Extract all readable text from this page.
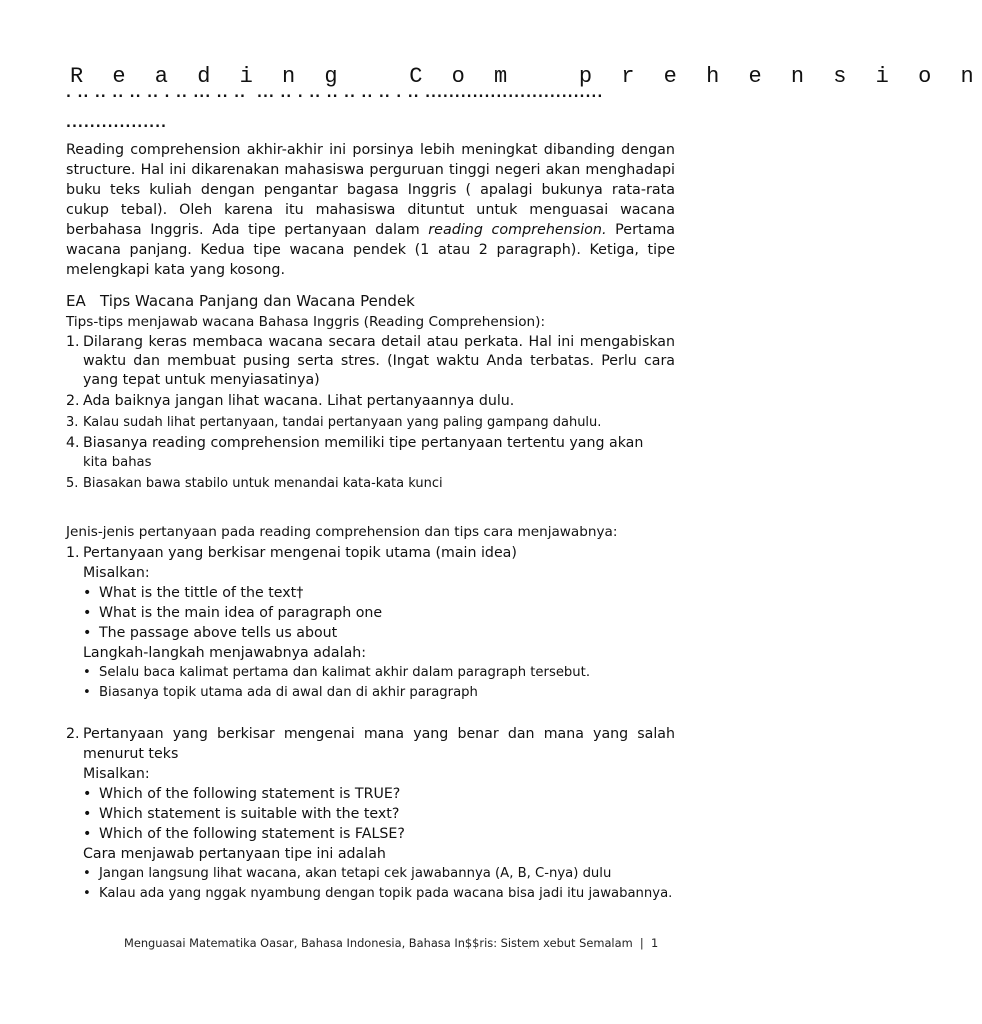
R e a d i n g   C o m   p r e h e n s i o n
. .. .. .. .. .. . .. ... .. ..  ... .. . .. .. .. .. .. . .. ..............................
.................

Reading comprehension akhir-akhir ini porsinya lebih meningkat dibanding dengan structure. Hal ini dikarenakan mahasiswa perguruan tinggi negeri akan menghadapi buku teks kuliah dengan pengantar bagasa Inggris ( apalagi bukunya rata-rata cukup tebal). Oleh karena itu mahasiswa dituntut untuk menguasai wacana berbahasa Inggris. Ada tipe pertanyaan dalam reading comprehension. Pertama wacana panjang. Kedua tipe wacana pendek (1 atau 2 paragraph). Ketiga, tipe melengkapi kata yang kosong.

EA   Tips Wacana Panjang dan Wacana Pendek
Tips-tips menjawab wacana Bahasa Inggris (Reading Comprehension):
1. Dilarang keras membaca wacana secara detail atau perkata. Hal ini mengabiskan waktu dan membuat pusing serta stres. (Ingat waktu Anda terbatas. Perlu cara yang tepat untuk menyiasatinya)
2. Ada baiknya jangan lihat wacana. Lihat pertanyaannya dulu.
3. Kalau sudah lihat pertanyaan, tandai pertanyaan yang paling gampang dahulu.
4. Biasanya reading comprehension memiliki tipe pertanyaan tertentu yang akan
kita bahas
5. Biasakan bawa stabilo untuk menandai kata-kata kunci
Jenis-jenis pertanyaan pada reading comprehension dan tips cara menjawabnya:
1. Pertanyaan yang berkisar mengenai topik utama (main idea)
Misalkan:
• What is the tittle of the text†
• What is the main idea of paragraph one
• The passage above tells us about
Langkah-langkah menjawabnya adalah:
• Selalu baca kalimat pertama dan kalimat akhir dalam paragraph tersebut.
• Biasanya topik utama ada di awal dan di akhir paragraph
2. Pertanyaan yang berkisar mengenai mana yang benar dan mana yang salah menurut teks
Misalkan:
• Which of the following statement is TRUE?
• Which statement is suitable with the text?
• Which of the following statement is FALSE?
Cara menjawab pertanyaan tipe ini adalah
• Jangan langsung lihat wacana, akan tetapi cek jawabannya (A, B, C-nya) dulu
• Kalau ada yang nggak nyambung dengan topik pada wacana bisa jadi itu jawabannya.
Menguasai Matematika Oasar, Bahasa Indonesia, Bahasa In$$ris: Sistem xebut Semalam  |  1
